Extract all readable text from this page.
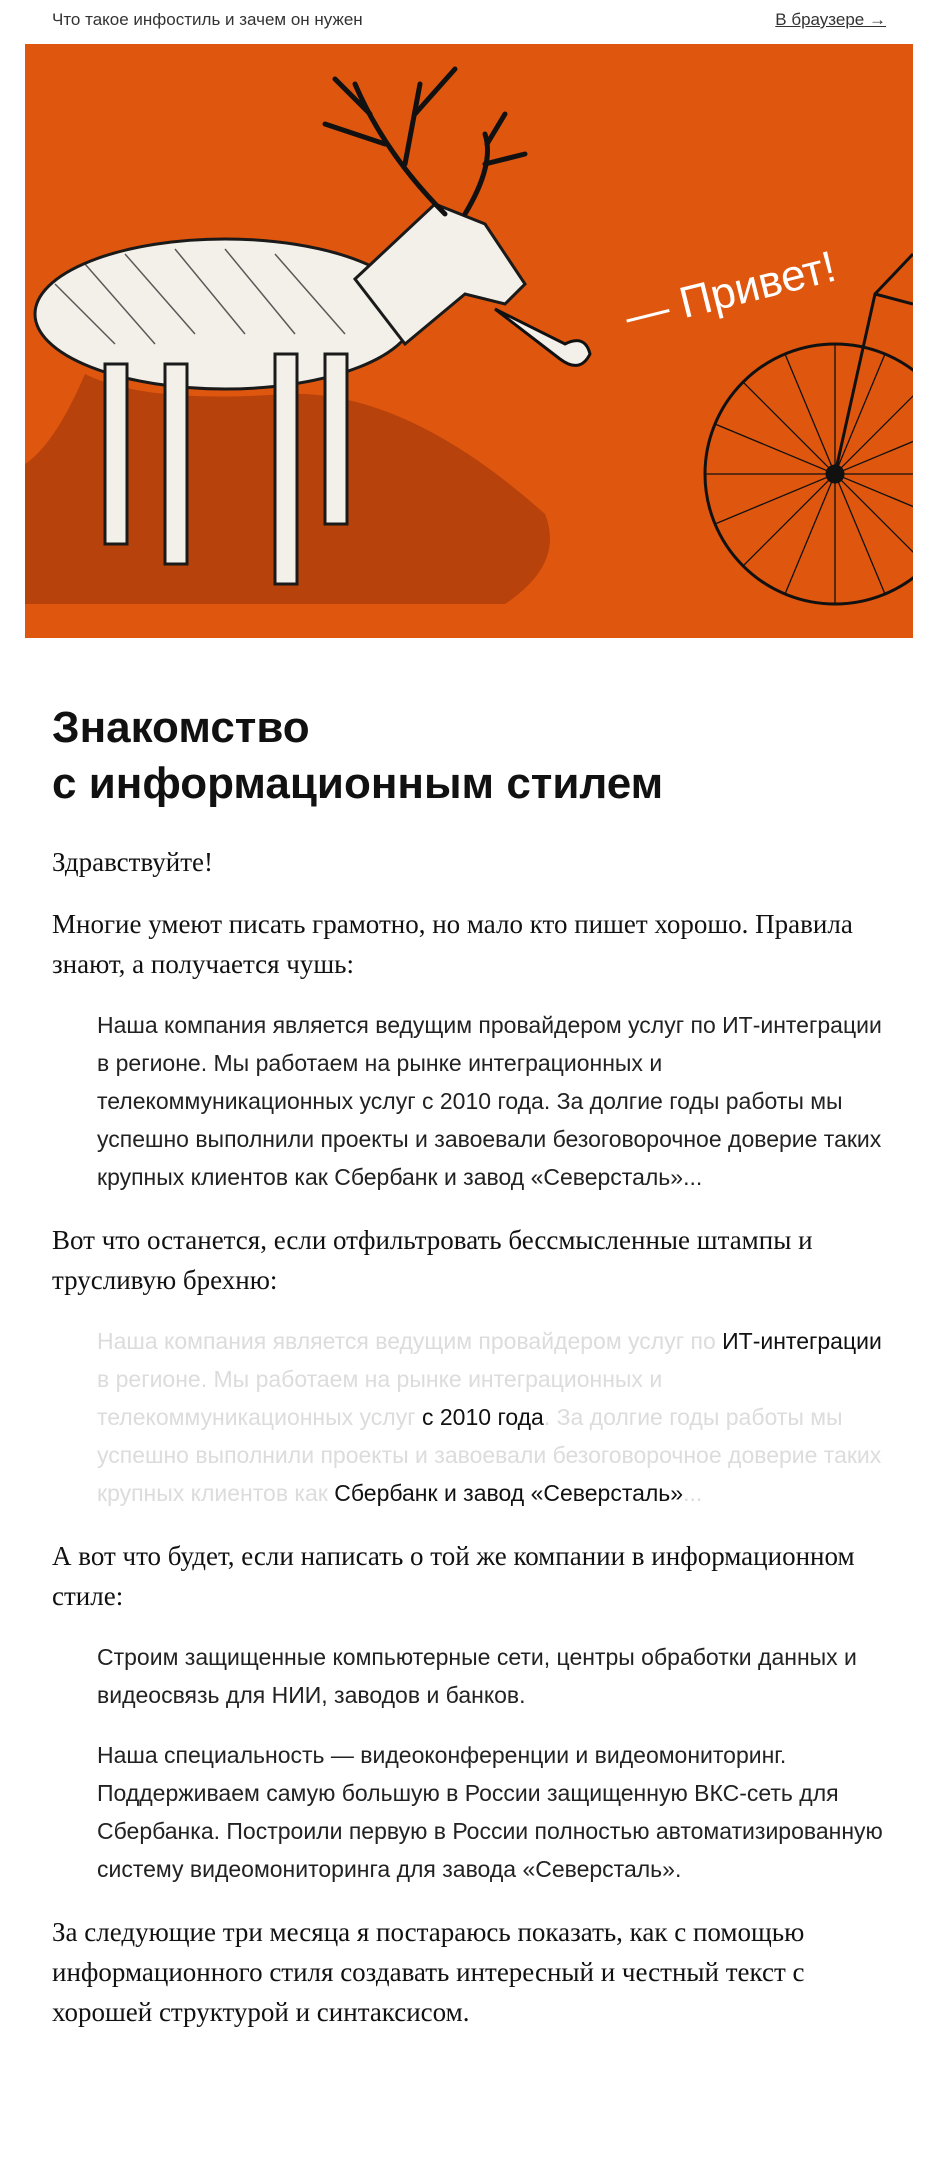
Что такое инфостиль и зачем он нужен	В браузере →
— Привет!
Знакомство
с информационным стилем

Здравствуйте!

Многие умеют писать грамотно, но мало кто пишет хорошо. Правила знают, а получается чушь:

Наша компания является ведущим провайдером услуг по ИТ-интеграции в регионе. Мы работаем на рынке интеграционных и телекоммуникационных услуг с 2010 года. За долгие годы работы мы успешно выполнили проекты и завоевали безоговорочное доверие таких крупных клиентов как Сбербанк и завод «Северсталь»...

Вот что останется, если отфильтровать бессмысленные штампы и трусливую брехню:

Наша компания является ведущим провайдером услуг по ИТ-интеграции в регионе. Мы работаем на рынке интеграционных и телекоммуникационных услуг с 2010 года. За долгие годы работы мы успешно выполнили проекты и завоевали безоговорочное доверие таких крупных клиентов как Сбербанк и завод «Северсталь»...

А вот что будет, если написать о той же компании в информационном стиле:

Строим защищенные компьютерные сети, центры обработки данных и видеосвязь для НИИ, заводов и банков.

Наша специальность — видеоконференции и видеомониторинг. Поддерживаем самую большую в России защищенную ВКС-сеть для Сбербанка. Построили первую в России полностью автоматизированную систему видеомониторинга для завода «Северсталь».

За следующие три месяца я постараюсь показать, как с помощью информационного стиля создавать интересный и честный текст с хорошей структурой и синтаксисом.
